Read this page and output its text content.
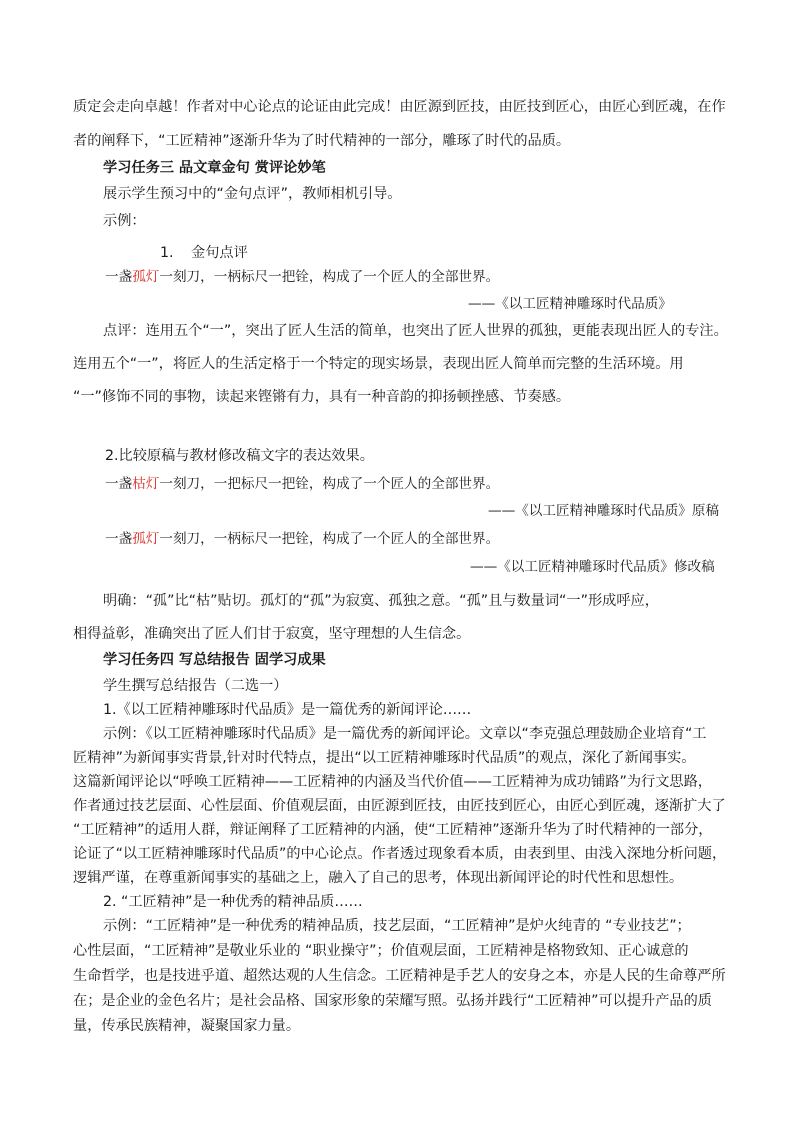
质定会走向卓越！作者对中心论点的论证由此完成！由匠源到匠技，由匠技到匠心，由匠心到匠魂，在作
者的阐释下，“工匠精神”逐渐升华为了时代精神的一部分，雕琢了时代的品质。
学习任务三 品文章金句 赏评论妙笔
展示学生预习中的“金句点评”，教师相机引导。
示例：
1. 金句点评
一盏孤灯一刻刀，一柄标尺一把铨，构成了一个匠人的全部世界。
——《以工匠精神雕琢时代品质》
点评：连用五个“一”，突出了匠人生活的简单，也突出了匠人世界的孤独，更能表现出匠人的专注。
连用五个“一”，将匠人的生活定格于一个特定的现实场景，表现出匠人简单而完整的生活环境。用
“一”修饰不同的事物，读起来铿锵有力，具有一种音韵的抑扬顿挫感、节奏感。
2.比较原稿与教材修改稿文字的表达效果。
一盏枯灯一刻刀，一把标尺一把铨，构成了一个匠人的全部世界。
——《以工匠精神雕琢时代品质》原稿
一盏孤灯一刻刀，一柄标尺一把铨，构成了一个匠人的全部世界。
——《以工匠精神雕琢时代品质》修改稿
明确：“孤”比“枯”贴切。孤灯的“孤”为寂寞、孤独之意。“孤”且与数量词“一”形成呼应，
相得益彰，准确突出了匠人们甘于寂寞，坚守理想的人生信念。
学习任务四 写总结报告 固学习成果
学生撰写总结报告（二选一）
1.《以工匠精神雕琢时代品质》是一篇优秀的新闻评论……
示例：《以工匠精神雕琢时代品质》是一篇优秀的新闻评论。文章以“李克强总理鼓励企业培育“工
匠精神”为新闻事实背景,针对时代特点，提出“以工匠精神雕琢时代品质”的观点，深化了新闻事实。
这篇新闻评论以“呼唤工匠精神——工匠精神的内涵及当代价值——工匠精神为成功铺路”为行文思路，
作者通过技艺层面、心性层面、价值观层面，由匠源到匠技，由匠技到匠心，由匠心到匠魂，逐渐扩大了
“工匠精神”的适用人群，辩证阐释了工匠精神的内涵，使“工匠精神”逐渐升华为了时代精神的一部分，
论证了“以工匠精神雕琢时代品质”的中心论点。作者透过现象看本质，由表到里、由浅入深地分析问题，
逻辑严谨，在尊重新闻事实的基础之上，融入了自己的思考，体现出新闻评论的时代性和思想性。
2. “工匠精神”是一种优秀的精神品质……
示例：“工匠精神”是一种优秀的精神品质，技艺层面，“工匠精神”是炉火纯青的 “专业技艺”；
心性层面，“工匠精神”是敬业乐业的 “职业操守”；价值观层面，工匠精神是格物致知、正心诚意的
生命哲学，也是技进乎道、超然达观的人生信念。工匠精神是手艺人的安身之本，亦是人民的生命尊严所
在；是企业的金色名片；是社会品格、国家形象的荣耀写照。弘扬并践行“工匠精神”可以提升产品的质
量，传承民族精神，凝聚国家力量。
